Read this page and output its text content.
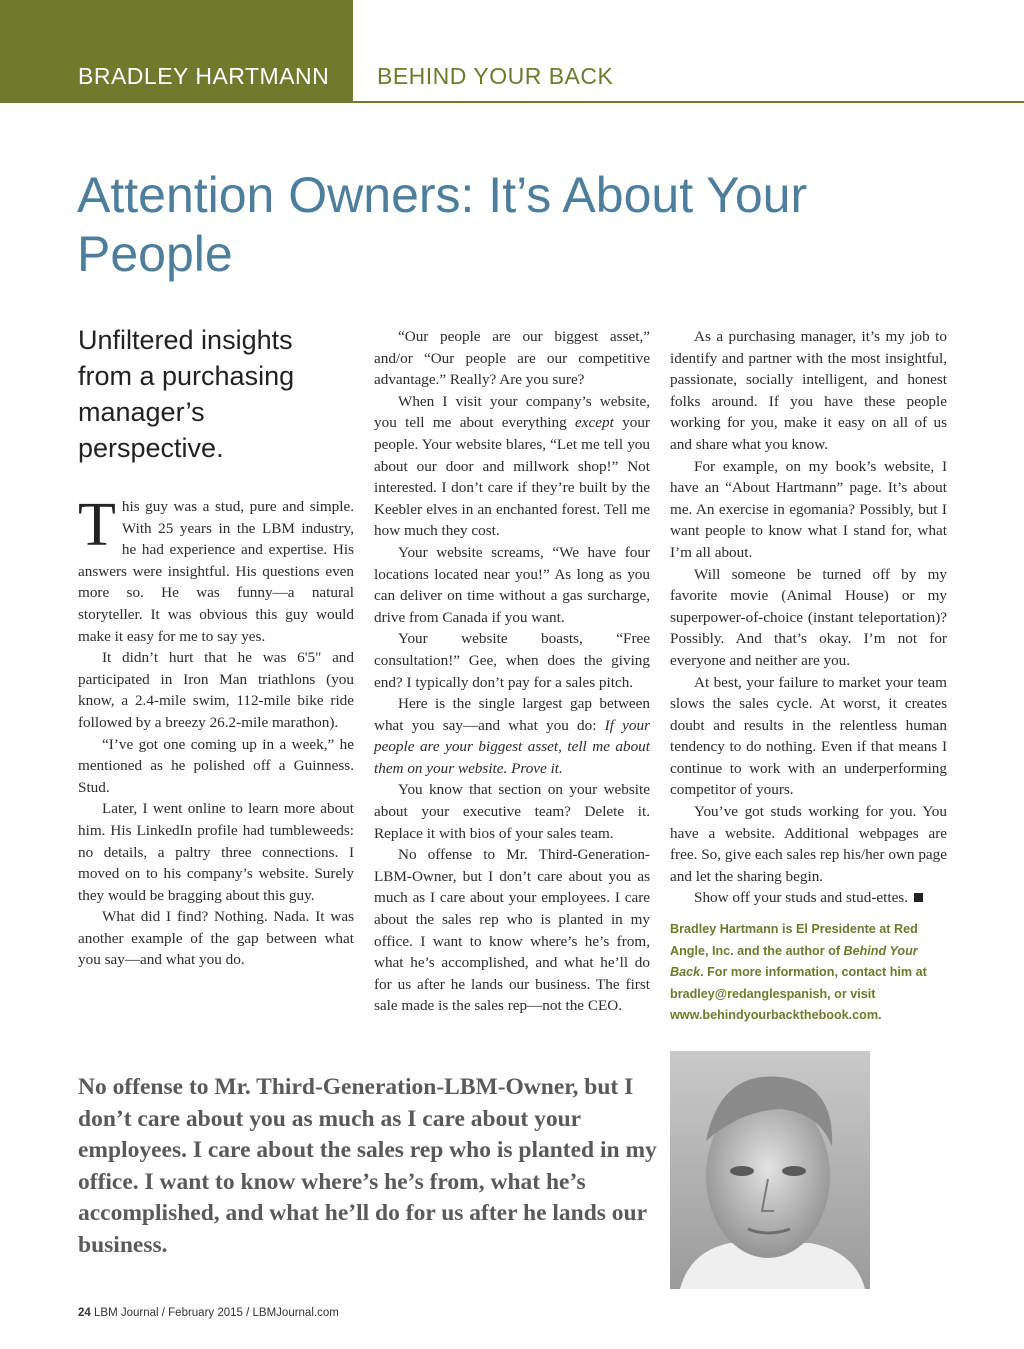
BRADLEY HARTMANN BEHIND YOUR BACK
Attention Owners: It’s About Your People
Unfiltered insights from a purchasing manager’s perspective.

This guy was a stud, pure and simple. With 25 years in the LBM industry, he had experience and expertise. His answers were insightful. His questions even more so. He was funny—a natural storyteller. It was obvious this guy would make it easy for me to say yes.

It didn’t hurt that he was 6'5" and participated in Iron Man triathlons (you know, a 2.4-mile swim, 112-mile bike ride followed by a breezy 26.2-mile marathon).

“I’ve got one coming up in a week,” he mentioned as he polished off a Guinness. Stud.

Later, I went online to learn more about him. His LinkedIn profile had tumbleweeds: no details, a paltry three connections. I moved on to his company’s website. Surely they would be bragging about this guy.

What did I find? Nothing. Nada. It was another example of the gap between what you say—and what you do.

“Our people are our biggest asset,” and/or “Our people are our competitive advantage.” Really? Are you sure?

When I visit your company’s website, you tell me about everything except your people. Your website blares, “Let me tell you about our door and millwork shop!” Not interested. I don’t care if they’re built by the Keebler elves in an enchanted forest. Tell me how much they cost.

Your website screams, “We have four locations located near you!” As long as you can deliver on time without a gas surcharge, drive from Canada if you want.

Your website boasts, “Free consultation!” Gee, when does the giving end? I typically don’t pay for a sales pitch.

Here is the single largest gap between what you say—and what you do: If your people are your biggest asset, tell me about them on your website. Prove it.

You know that section on your website about your executive team? Delete it. Replace it with bios of your sales team.

No offense to Mr. Third-Generation-LBM-Owner, but I don’t care about you as much as I care about your employees. I care about the sales rep who is planted in my office. I want to know where’s he’s from, what he’s accomplished, and what he’ll do for us after he lands our business. The first sale made is the sales rep—not the CEO.

As a purchasing manager, it’s my job to identify and partner with the most insightful, passionate, socially intelligent, and honest folks around. If you have these people working for you, make it easy on all of us and share what you know.

For example, on my book’s website, I have an “About Hartmann” page. It’s about me. An exercise in egomania? Possibly, but I want people to know what I stand for, what I’m all about.

Will someone be turned off by my favorite movie (Animal House) or my superpower-of-choice (instant teleportation)? Possibly. And that’s okay. I’m not for everyone and neither are you.

At best, your failure to market your team slows the sales cycle. At worst, it creates doubt and results in the relentless human tendency to do nothing. Even if that means I continue to work with an underperforming competitor of yours.

You’ve got studs working for you. You have a website. Additional webpages are free. So, give each sales rep his/her own page and let the sharing begin.

Show off your studs and stud-ettes.

Bradley Hartmann is El Presidente at Red Angle, Inc. and the author of Behind Your Back. For more information, contact him at bradley@redanglespanish, or visit www.behindyourbackthebook.com.

No offense to Mr. Third-Generation-LBM-Owner, but I don’t care about you as much as I care about your employees. I care about the sales rep who is planted in my office. I want to know where’s he’s from, what he’s accomplished, and what he’ll do for us after he lands our business.

24 LBM Journal / February 2015 / LBMJournal.com
